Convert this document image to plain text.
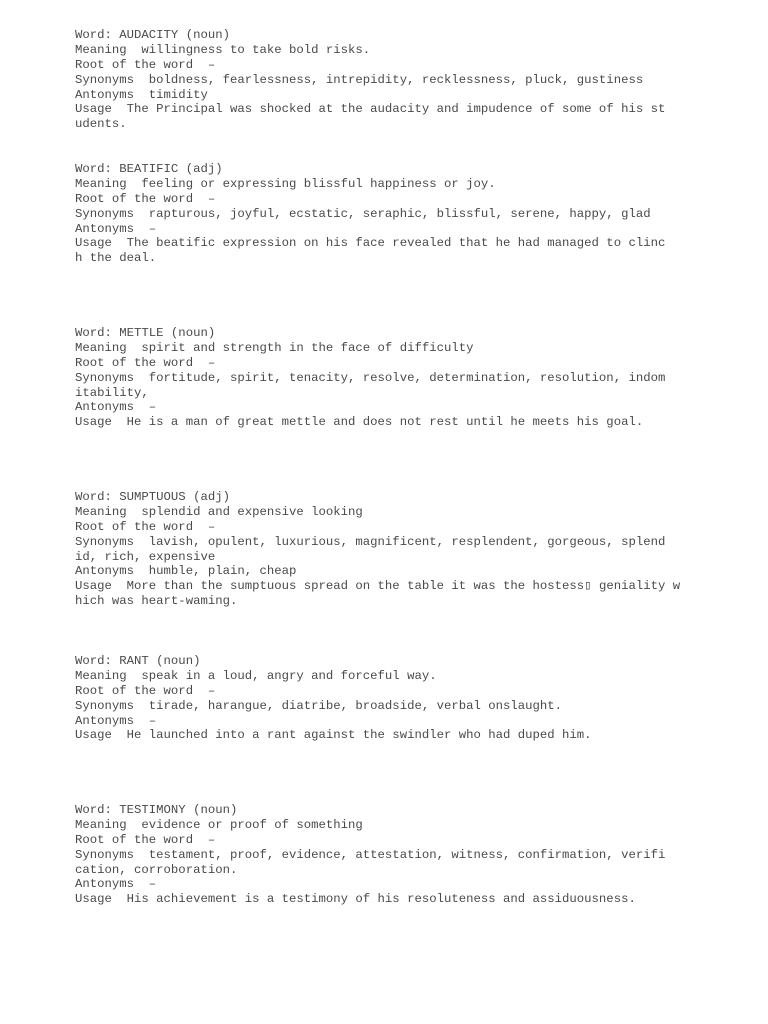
Word: AUDACITY (noun)
Meaning  willingness to take bold risks.
Root of the word  –
Synonyms  boldness, fearlessness, intrepidity, recklessness, pluck, gustiness
Antonyms  timidity
Usage  The Principal was shocked at the audacity and impudence of some of his st
udents.
Word: BEATIFIC (adj)
Meaning  feeling or expressing blissful happiness or joy.
Root of the word  –
Synonyms  rapturous, joyful, ecstatic, seraphic, blissful, serene, happy, glad
Antonyms  –
Usage  The beatific expression on his face revealed that he had managed to clinc
h the deal.
Word: METTLE (noun)
Meaning  spirit and strength in the face of difficulty
Root of the word  –
Synonyms  fortitude, spirit, tenacity, resolve, determination, resolution, indom
itability,
Antonyms  –
Usage  He is a man of great mettle and does not rest until he meets his goal.
Word: SUMPTUOUS (adj)
Meaning  splendid and expensive looking
Root of the word  –
Synonyms  lavish, opulent, luxurious, magnificent, resplendent, gorgeous, splend
id, rich, expensive
Antonyms  humble, plain, cheap
Usage  More than the sumptuous spread on the table it was the hostess▯ geniality w
hich was heart-waming.
Word: RANT (noun)
Meaning  speak in a loud, angry and forceful way.
Root of the word  –
Synonyms  tirade, harangue, diatribe, broadside, verbal onslaught.
Antonyms  –
Usage  He launched into a rant against the swindler who had duped him.
Word: TESTIMONY (noun)
Meaning  evidence or proof of something
Root of the word  –
Synonyms  testament, proof, evidence, attestation, witness, confirmation, verifi
cation, corroboration.
Antonyms  –
Usage  His achievement is a testimony of his resoluteness and assiduousness.
